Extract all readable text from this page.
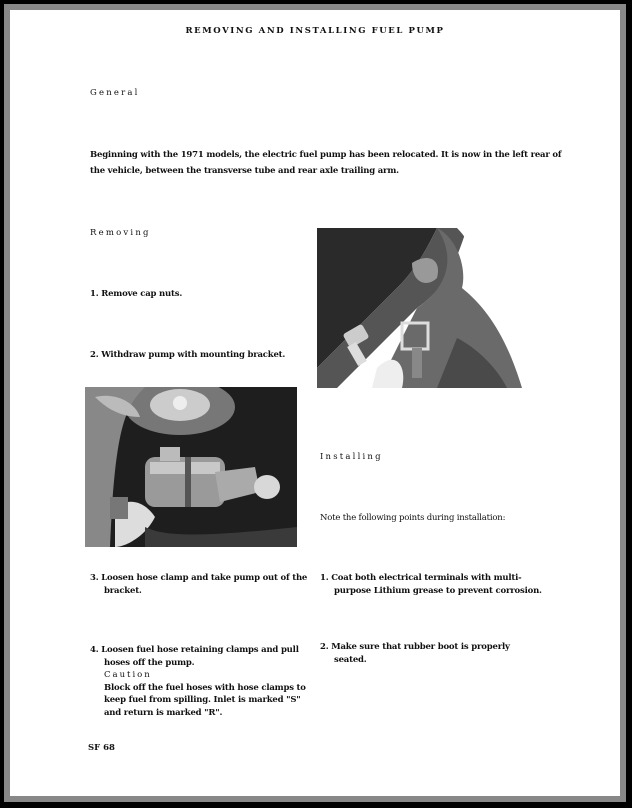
REMOVING AND INSTALLING FUEL PUMP
General
Beginning with the 1971 models, the electric fuel pump has been relocated. It is now in the left rear of
the vehicle, between the transverse tube and rear axle trailing arm.
Removing
1. Remove cap nuts.
2. Withdraw pump with mounting bracket.
Installing
Note the following points during installation:
3. Loosen hose clamp and take pump out of the bracket.
1. Coat both electrical terminals with multi-purpose Lithium grease to prevent corrosion.
4. Loosen fuel hose retaining clamps and pull hoses off the pump.
Caution
Block off the fuel hoses with hose clamps to keep fuel from spilling. Inlet is marked "S" and return is marked "R".
2. Make sure that rubber boot is properly seated.
SF 68
